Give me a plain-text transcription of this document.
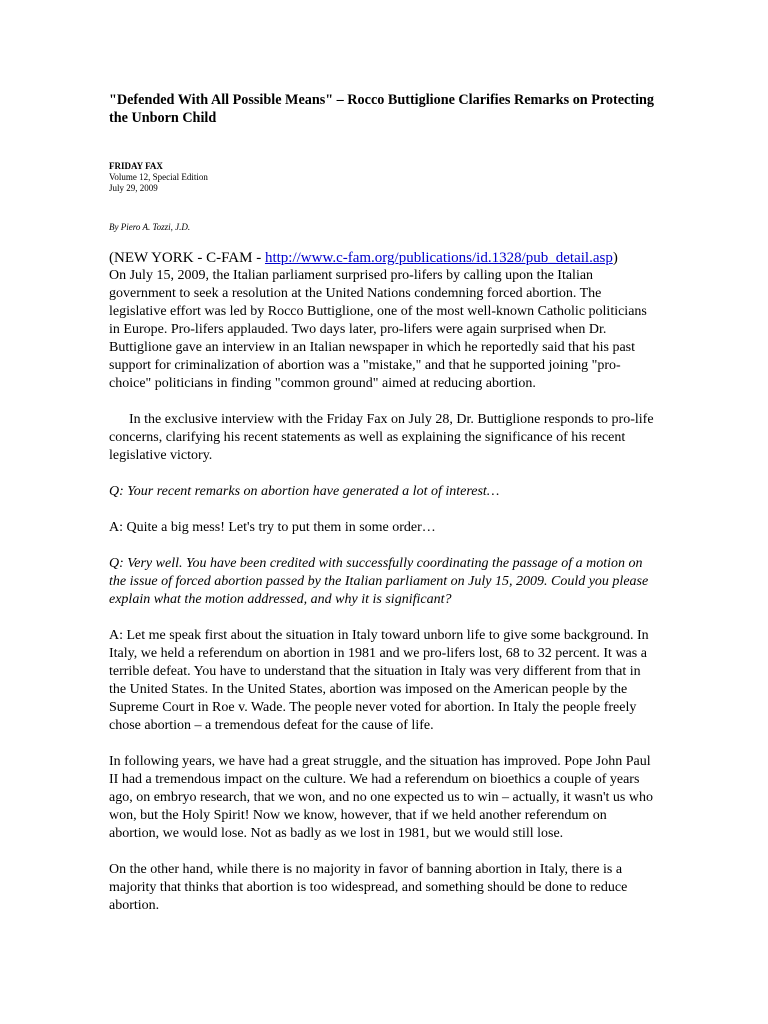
"Defended With All Possible Means" – Rocco Buttiglione Clarifies Remarks on Protecting the Unborn Child
FRIDAY FAX
Volume 12, Special Edition
July 29, 2009
By Piero A. Tozzi, J.D.
(NEW YORK - C-FAM - http://www.c-fam.org/publications/id.1328/pub_detail.asp)

On July 15, 2009, the Italian parliament surprised pro-lifers by calling upon the Italian government to seek a resolution at the United Nations condemning forced abortion. The legislative effort was led by Rocco Buttiglione, one of the most well-known Catholic politicians in Europe. Pro-lifers applauded. Two days later, pro-lifers were again surprised when Dr. Buttiglione gave an interview in an Italian newspaper in which he reportedly said that his past support for criminalization of abortion was a "mistake," and that he supported joining "pro-choice" politicians in finding "common ground" aimed at reducing abortion.

In the exclusive interview with the Friday Fax on July 28, Dr. Buttiglione responds to pro-life concerns, clarifying his recent statements as well as explaining the significance of his recent legislative victory.

Q: Your recent remarks on abortion have generated a lot of interest…

A: Quite a big mess! Let's try to put them in some order…

Q: Very well. You have been credited with successfully coordinating the passage of a motion on the issue of forced abortion passed by the Italian parliament on July 15, 2009. Could you please explain what the motion addressed, and why it is significant?

A: Let me speak first about the situation in Italy toward unborn life to give some background. In Italy, we held a referendum on abortion in 1981 and we pro-lifers lost, 68 to 32 percent. It was a terrible defeat. You have to understand that the situation in Italy was very different from that in the United States. In the United States, abortion was imposed on the American people by the Supreme Court in Roe v. Wade. The people never voted for abortion. In Italy the people freely chose abortion – a tremendous defeat for the cause of life.

In following years, we have had a great struggle, and the situation has improved. Pope John Paul II had a tremendous impact on the culture. We had a referendum on bioethics a couple of years ago, on embryo research, that we won, and no one expected us to win – actually, it wasn't us who won, but the Holy Spirit! Now we know, however, that if we held another referendum on abortion, we would lose. Not as badly as we lost in 1981, but we would still lose.

On the other hand, while there is no majority in favor of banning abortion in Italy, there is a majority that thinks that abortion is too widespread, and something should be done to reduce abortion.
